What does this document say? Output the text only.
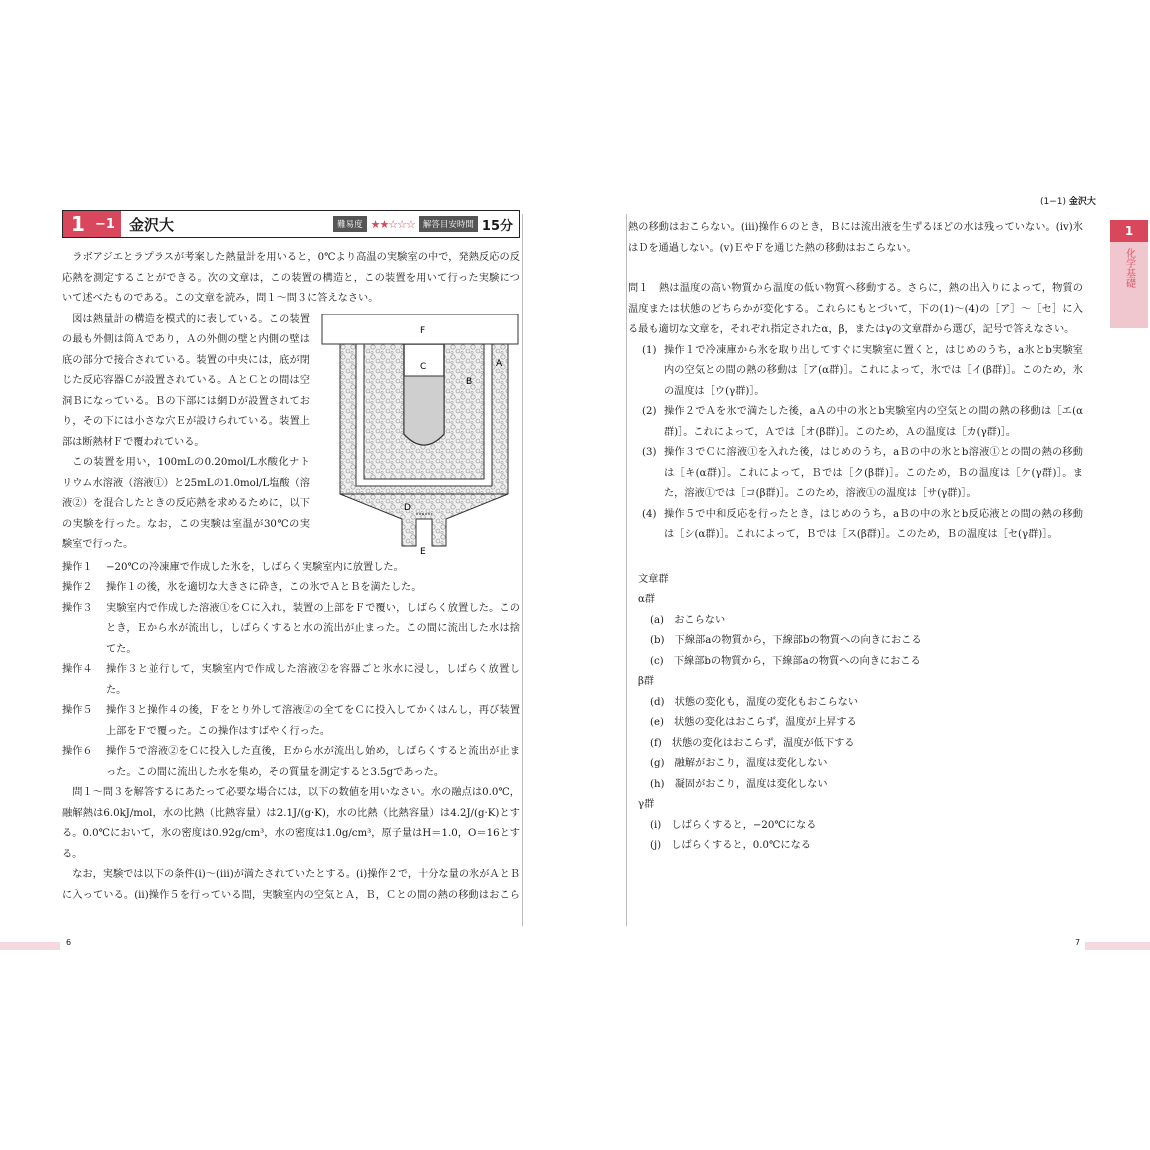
1 −1 金沢大	難易度 ★★☆☆☆ 解答目安時間 15分

ラボアジエとラプラスが考案した熱量計を用いると，0℃より高温の実験室の中で，発熱反応の反応熱を測定することができる。次の文章は，この装置の構造と，この装置を用いて行った実験について述べたものである。この文章を読み，問１～問３に答えなさい。

F
C	A
B
D
E

図は熱量計の構造を模式的に表している。この装置の最も外側は筒Ａであり，Ａの外側の壁と内側の壁は底の部分で接合されている。装置の中央には，底が閉じた反応容器Ｃが設置されている。ＡとＣとの間は空洞Ｂになっている。Ｂの下部には網Ｄが設置されており，その下には小さな穴Ｅが設けられている。装置上部は断熱材Ｆで覆われている。

この装置を用い，100mLの0.20mol/L水酸化ナトリウム水溶液（溶液①）と25mLの1.0mol/L塩酸（溶液②）を混合したときの反応熱を求めるために，以下の実験を行った。なお，この実験は室温が30℃の実験室で行った。

操作１	−20℃の冷凍庫で作成した氷を，しばらく実験室内に放置した。
操作２	操作１の後，氷を適切な大きさに砕き，この氷でＡとＢを満たした。
操作３	実験室内で作成した溶液①をＣに入れ，装置の上部をＦで覆い，しばらく放置した。このとき，Ｅから水が流出し，しばらくすると水の流出が止まった。この間に流出した水は捨てた。
操作４	操作３と並行して，実験室内で作成した溶液②を容器ごと氷水に浸し，しばらく放置した。
操作５	操作３と操作４の後，Ｆをとり外して溶液②の全てをＣに投入してかくはんし，再び装置上部をＦで覆った。この操作はすばやく行った。
操作６	操作５で溶液②をＣに投入した直後，Ｅから水が流出し始め，しばらくすると流出が止まった。この間に流出した水を集め，その質量を測定すると3.5gであった。

問１～問３を解答するにあたって必要な場合には，以下の数値を用いなさい。水の融点は0.0℃，融解熱は6.0kJ/mol，水の比熱（比熱容量）は2.1J/(g·K)，水の比熱（比熱容量）は4.2J/(g·K)とする。0.0℃において，氷の密度は0.92g/cm³，水の密度は1.0g/cm³，原子量はH＝1.0，O＝16とする。

なお，実験では以下の条件(i)～(iii)が満たされていたとする。(i)操作２で，十分な量の氷がＡとＢに入っている。(ii)操作５を行っている間，実験室内の空気とＡ，Ｂ，Ｃとの間の熱の移動はおこら

(1−1) 金沢大
1
化学基礎

熱の移動はおこらない。(iii)操作６のとき，Ｂには流出液を生ずるほどの水は残っていない。(iv)氷はＤを通過しない。(v)ＥやＦを通じた熱の移動はおこらない。

問１　熱は温度の高い物質から温度の低い物質へ移動する。さらに，熱の出入りによって，物質の温度または状態のどちらかが変化する。これらにもとづいて，下の(1)～(4)の［ア］～［セ］に入る最も適切な文章を，それぞれ指定されたα，β，またはγの文章群から選び，記号で答えなさい。

(1) 操作１で冷凍庫から氷を取り出してすぐに実験室に置くと，はじめのうち，a氷とb実験室内の空気との間の熱の移動は［ア(α群)］。これによって，氷では［イ(β群)］。このため，氷の温度は［ウ(γ群)］。
(2) 操作２でＡを氷で満たした後，aＡの中の氷とb実験室内の空気との間の熱の移動は［エ(α群)］。これによって，Ａでは［オ(β群)］。このため，Ａの温度は［カ(γ群)］。
(3) 操作３でＣに溶液①を入れた後，はじめのうち，aＢの中の氷とb溶液①との間の熱の移動は［キ(α群)］。これによって，Ｂでは［ク(β群)］。このため，Ｂの温度は［ケ(γ群)］。また，溶液①では［コ(β群)］。このため，溶液①の温度は［サ(γ群)］。
(4) 操作５で中和反応を行ったとき，はじめのうち，aＢの中の氷とb反応液との間の熱の移動は［シ(α群)］。これによって，Ｂでは［ス(β群)］。このため，Ｂの温度は［セ(γ群)］。
文章群
α群
(a)　おこらない
(b)　下線部aの物質から，下線部bの物質への向きにおこる
(c)　下線部bの物質から，下線部aの物質への向きにおこる
β群
(d)　状態の変化も，温度の変化もおこらない
(e)　状態の変化はおこらず，温度が上昇する
(f)　状態の変化はおこらず，温度が低下する
(g)　融解がおこり，温度は変化しない
(h)　凝固がおこり，温度は変化しない
γ群
(i)　しばらくすると，−20℃になる
(j)　しばらくすると，0.0℃になる
6	7
